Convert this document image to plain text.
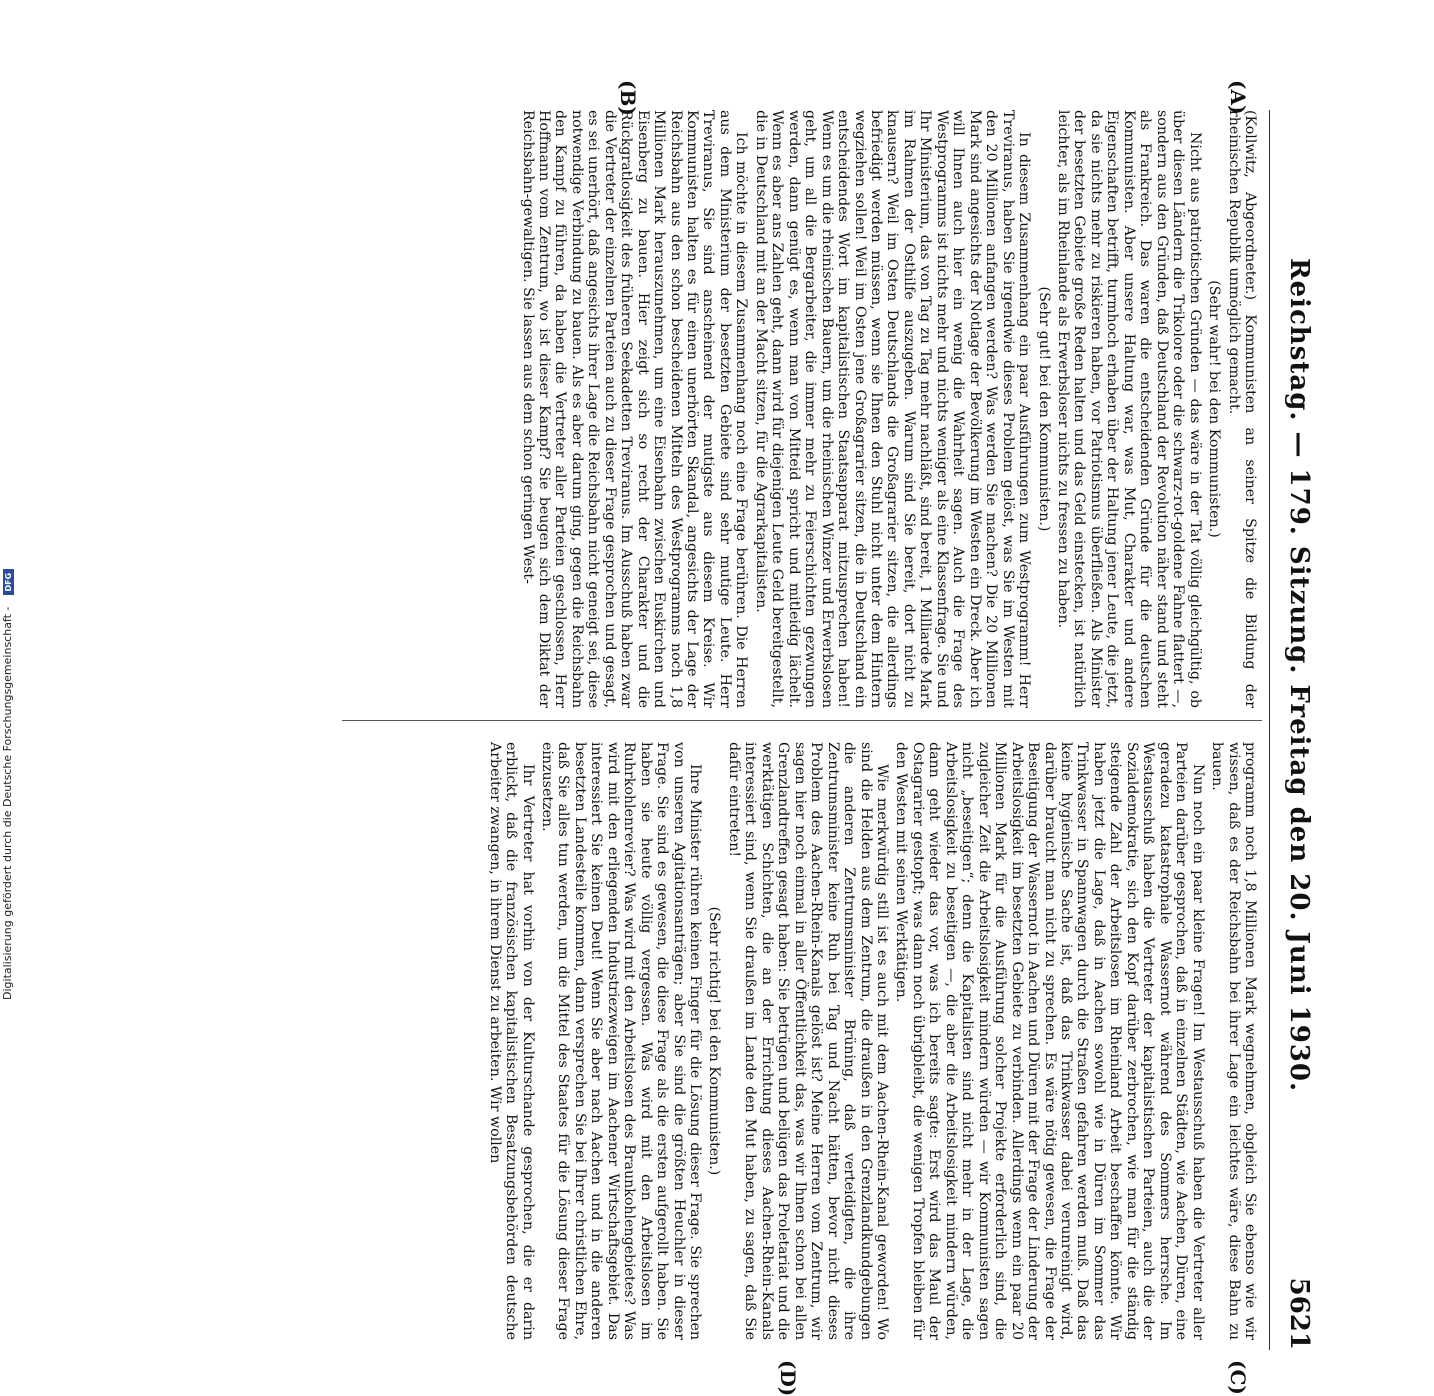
Reichstag. — 179. Sitzung. Freitag den 20. Juni 1930.
5621
(A)
(B)
(C)
(D)

(Kollwitz, Abgeordneter.) Kommunisten an seiner Spitze die Bildung der rheinischen Republik unmöglich gemacht.

(Sehr wahr! bei den Kommunisten.)

Nicht aus patriotischen Gründen — das wäre in der Tat völlig gleichgültig, ob über diesen Ländern die Trikolore oder die schwarz-rot-goldene Fahne flattert —, sondern aus den Gründen, daß Deutschland der Revolution näher stand und steht als Frankreich. Das waren die entscheidenden Gründe für die deutschen Kommunisten. Aber unsere Haltung war, was Mut, Charakter und andere Eigenschaften betrifft, turmhoch erhaben über der Haltung jener Leute, die jetzt, da sie nichts mehr zu riskieren haben, vor Patriotismus überfließen. Als Minister der besetzten Gebiete große Reden halten und das Geld einstecken, ist natürlich leichter, als im Rheinlande als Erwerbsloser nichts zu fressen zu haben.

(Sehr gut! bei den Kommunisten.)

In diesem Zusammenhang ein paar Ausführungen zum Westprogramm! Herr Treviranus, haben Sie irgendwie dieses Problem gelöst, was Sie im Westen mit den 20 Millionen anfangen werden? Was werden Sie machen? Die 20 Millionen Mark sind angesichts der Notlage der Bevölkerung im Westen ein Dreck. Aber ich will Ihnen auch hier ein wenig die Wahrheit sagen. Auch die Frage des Westprogramms ist nichts mehr und nichts weniger als eine Klassenfrage. Sie und Ihr Ministerium, das von Tag zu Tag mehr nachläßt, sind bereit, 1 Milliarde Mark im Rahmen der Osthilfe auszugeben. Warum sind Sie bereit, dort nicht zu knausern? Weil im Osten Deutschlands die Großagrarier sitzen, die allerdings befriedigt werden müssen, wenn sie Ihnen den Stuhl nicht unter dem Hintern wegziehen sollen! Weil im Osten jene Großagrarier sitzen, die in Deutschland ein entscheidendes Wort im kapitalistischen Staatsapparat mitzusprechen haben! Wenn es um die rheinischen Bauern, um die rheinischen Winzer und Erwerbslosen geht, um all die Bergarbeiter, die immer mehr zu Feierschichten gezwungen werden, dann genügt es, wenn man von Mitteid spricht und mitleidig lächelt. Wenn es aber ans Zahlen geht, dann wird für diejenigen Leute Geld bereitgestellt, die in Deutschland mit an der Macht sitzen, für die Agrarkapitalisten.

Ich möchte in diesem Zusammenhang noch eine Frage berühren. Die Herren aus dem Ministerium der besetzten Gebiete sind sehr mutige Leute. Herr Treviranus, Sie sind anscheinend der mutigste aus diesem Kreise. Wir Kommunisten halten es für einen unerhörten Skandal, angesichts der Lage der Reichsbahn aus den schon bescheidenen Mitteln des Westprogramms noch 1,8 Millionen Mark herauszunehmen, um eine Eisenbahn zwischen Euskirchen und Eisenberg zu bauen. Hier zeigt sich so recht der Charakter und die Rückgratlosigkeit des früheren Seekadetten Treviranus. Im Ausschuß haben zwar die Vertreter der einzelnen Parteien auch zu dieser Frage gesprochen und gesagt, es sei unerhört, daß angesichts ihrer Lage die Reichsbahn nicht geneigt sei, diese notwendige Verbindung zu bauen. Als es aber darum ging, gegen die Reichsbahn den Kampf zu führen, da haben die Vertreter aller Parteien geschlossen, Herr Hoffmann vom Zentrum, wo ist dieser Kampf? Sie beugen sich dem Diktat der Reichsbahn-gewaltigen. Sie lassen aus dem schon geringen West-

programm noch 1,8 Millionen Mark wegnehmen, obgleich Sie ebenso wie wir wissen, daß es der Reichsbahn bei ihrer Lage ein leichtes wäre, diese Bahn zu bauen.

Nun noch ein paar kleine Fragen! Im Westausschuß haben die Vertreter aller Parteien darüber gesprochen, daß in einzelnen Städten, wie Aachen, Düren, eine geradezu katastrophale Wassernot während des Sommers herrsche. Im Westausschuß haben die Vertreter der kapitalistischen Parteien, auch die der Sozialdemokratie, sich den Kopf darüber zerbrochen, wie man für die ständig steigende Zahl der Arbeitslosen im Rheinland Arbeit beschaffen könnte. Wir haben jetzt die Lage, daß in Aachen sowohl wie in Düren im Sommer das Trinkwasser in Spannwagen durch die Straßen gefahren werden muß. Daß das keine hygienische Sache ist, daß das Trinkwasser dabei verunreinigt wird, darüber braucht man nicht zu sprechen. Es wäre nötig gewesen, die Frage der Beseitigung der Wassernot in Aachen und Düren mit der Frage der Linderung der Arbeitslosigkeit im besetzten Gebiete zu verbinden. Allerdings wenn ein paar 20 Millionen Mark für die Ausführung solcher Projekte erforderlich sind, die zugleicher Zeit die Arbeitslosigkeit mindern würden — wir Kommunisten sagen nicht „beseitigen“; denn die Kapitalisten sind nicht mehr in der Lage, die Arbeitslosigkeit zu beseitigen —, die aber die Arbeitslosigkeit mindern würden, dann geht wieder das vor, was ich bereits sagte: Erst wird das Maul der Ostagrarier gestopft; was dann noch übrigbleibt, die wenigen Tropfen bleiben für den Westen mit seinen Werktätigen.

Wie merkwürdig still ist es auch mit dem Aachen-Rhein-Kanal geworden! Wo sind die Helden aus dem Zentrum, die draußen in den Grenzlandkundgebungen die anderen Zentrumsminister Brüning, daß verteidigten, die ihre Zentrumsminister keine Ruh bei Tag und Nacht hätten, bevor nicht dieses Problem des Aachen-Rhein-Kanals gelöst ist? Meine Herren vom Zentrum, wir sagen hier noch einmal in aller Öffentlichkeit das, was wir Ihnen schon bei allen Grenzlandtreffen gesagt haben: Sie betrügen und belügen das Proletariat und die werktätigen Schichten, die an der Errichtung dieses Aachen-Rhein-Kanals interessiert sind, wenn Sie draußen im Lande den Mut haben, zu sagen, daß Sie dafür eintreten!

(Sehr richtig! bei den Kommunisten.)

Ihre Minister rühren keinen Finger für die Lösung dieser Frage. Sie sprechen von unseren Agitationsanträgen; aber Sie sind die größten Heuchler in dieser Frage. Sie sind es gewesen, die diese Frage als die ersten aufgerollt haben. Sie haben sie heute völlig vergessen. Was wird mit den Arbeitslosen im Ruhrkohlenrevier? Was wird mit den Arbeitslosen des Braunkohlengebietes? Was wird mit den erliegenden Industriezweigen im Aachener Wirtschaftsgebiet. Das interessiert Sie keinen Deut! Wenn Sie aber nach Aachen und in die anderen besetzten Landesteile kommen, dann versprechen Sie bei Ihrer christlichen Ehre, daß Sie alles tun werden, um die Mittel des Staates für die Lösung dieser Frage einzusetzen.

Ihr Vertreter hat vorhin von der Kulturschande gesprochen, die er darin erblickt, daß die französischen kapitalistischen Besatzungsbehörden deutsche Arbeiter zwangen, in ihrem Dienst zu arbeiten. Wir wollen

Digitalisierung gefördert durch die Deutsche Forschungsgemeinschaft - DFG
